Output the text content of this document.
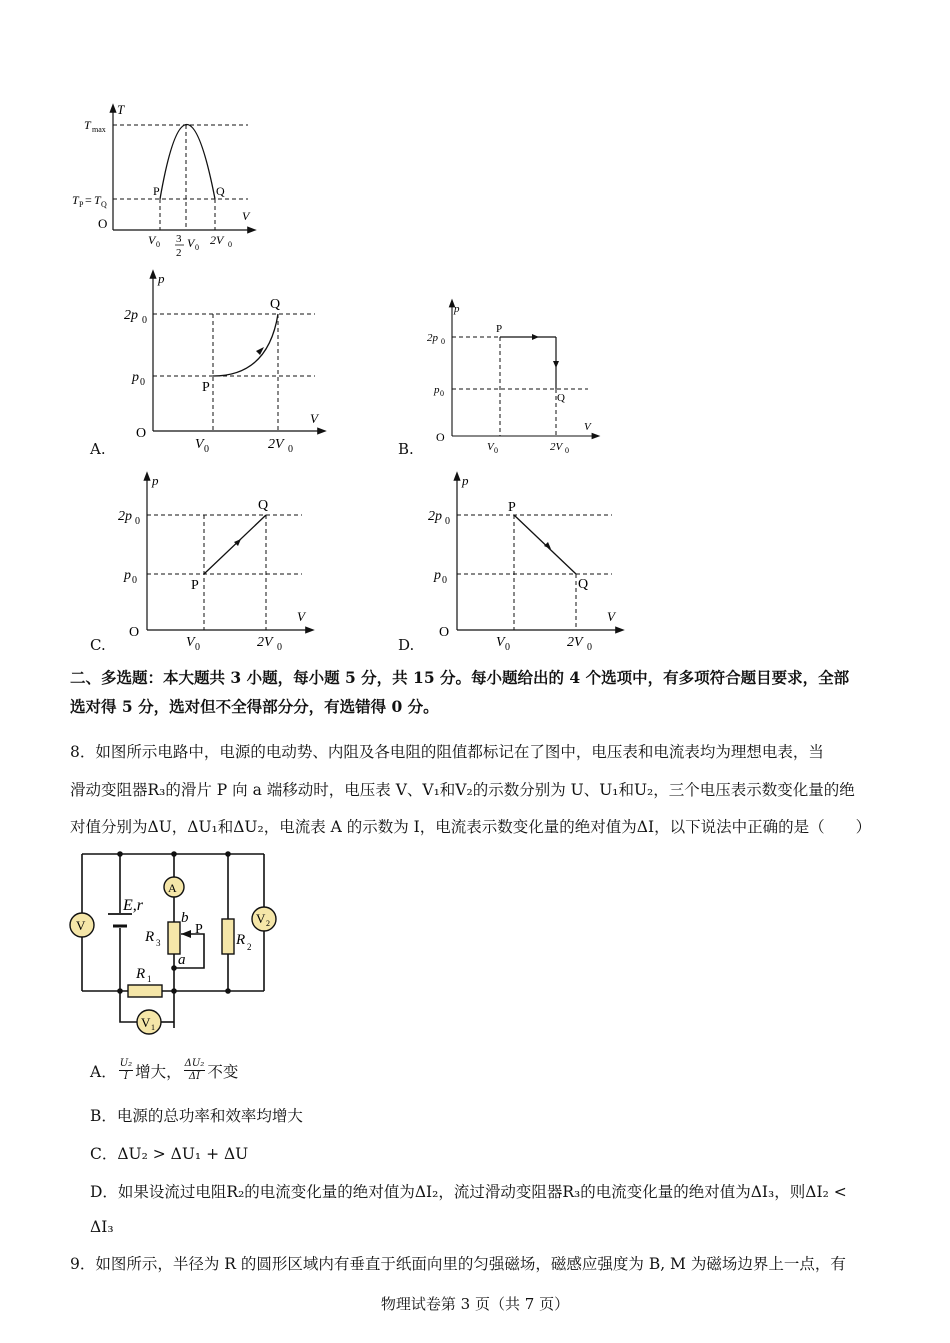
T
T max
T P = T Q
O	V
P	Q
V 0 3
2
V 0
2V 0
p
V
O
2p 0
p 0	P
Q
V 0	2V 0
A.
p
V
O
2p 0
p 0
P
Q
V 0	2V 0
B.
p
V
O
2p 0
p 0	P
Q
V 0	2V 0
C.
p
V
O
2p 0
p 0
P
Q
V 0	2V 0
D.
二、多选题：本大题共 3 小题，每小题 5 分，共 15 分。每小题给出的 4 个选项中，有多项符合题目要求，全部
选对得 5 分，选对但不全得部分分，有选错得 0 分。
8．如图所示电路中，电源的电动势、内阻及各电阻的阻值都标记在了图中，电压表和电流表均为理想电表，当
滑动变阻器R₃的滑片 P 向 a 端移动时，电压表 V、V₁和V₂的示数分别为 U、U₁和U₂，三个电压表示数变化量的绝
对值分别为ΔU，ΔU₁和ΔU₂，电流表 A 的示数为 I，电流表示数变化量的绝对值为ΔI，以下说法中正确的是（　　）
V
A
V 2
V 1
E,r
b
P
R 3
a
R 2
R 1
A． U₂
I 增大， ΔU₂
ΔI 不变
B．电源的总功率和效率均增大
C．ΔU₂ > ΔU₁ + ΔU
D．如果设流过电阻R₂的电流变化量的绝对值为ΔI₂，流过滑动变阻器R₃的电流变化量的绝对值为ΔI₃，则ΔI₂ <
ΔI₃
9．如图所示，半径为 R 的圆形区域内有垂直于纸面向里的匀强磁场，磁感应强度为 B, M 为磁场边界上一点，有
物理试卷第 3 页（共 7 页）
